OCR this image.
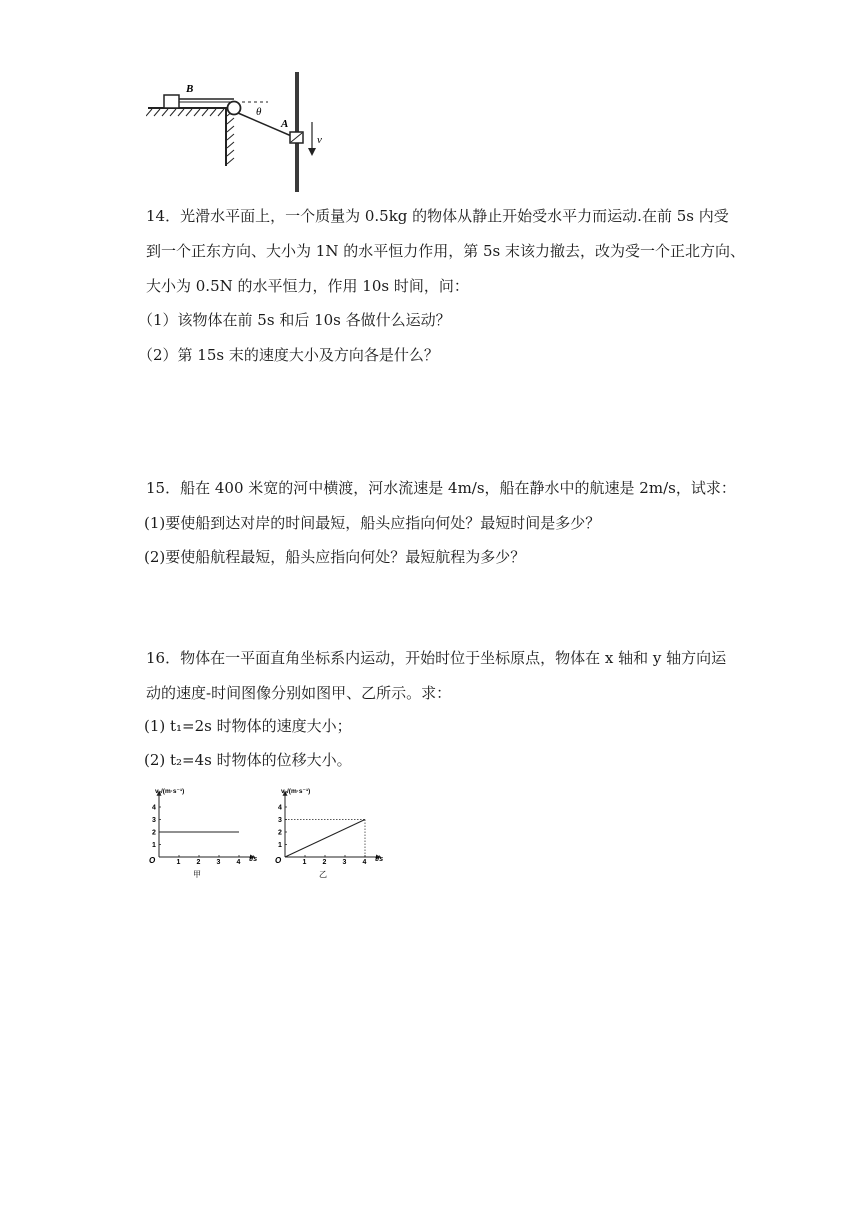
B
θ
A
v
14．光滑水平面上，一个质量为 0.5kg 的物体从静止开始受水平力而运动.在前 5s 内受
到一个正东方向、大小为 1N 的水平恒力作用，第 5s 末该力撤去，改为受一个正北方向、
大小为 0.5N 的水平恒力，作用 10s 时间，问：
（1）该物体在前 5s 和后 10s 各做什么运动？
（2）第 15s 末的速度大小及方向各是什么？
15．船在 400 米宽的河中横渡，河水流速是 4m/s，船在静水中的航速是 2m/s，试求：
(1)要使船到达对岸的时间最短，船头应指向何处？最短时间是多少？
(2)要使船航程最短，船头应指向何处？最短航程为多少？
16．物体在一平面直角坐标系内运动，开始时位于坐标原点，物体在 x 轴和 y 轴方向运
动的速度-时间图像分别如图甲、乙所示。求：
(1) t₁=2s 时物体的速度大小；
(2) t₂=4s 时物体的位移大小。
vₓ/(m·s⁻¹)
t/s
O	1 2 3 4
1
2
3
4
甲
vᵧ/(m·s⁻¹)
t/s
O	1 2 3 4
1
2
3
4
乙
